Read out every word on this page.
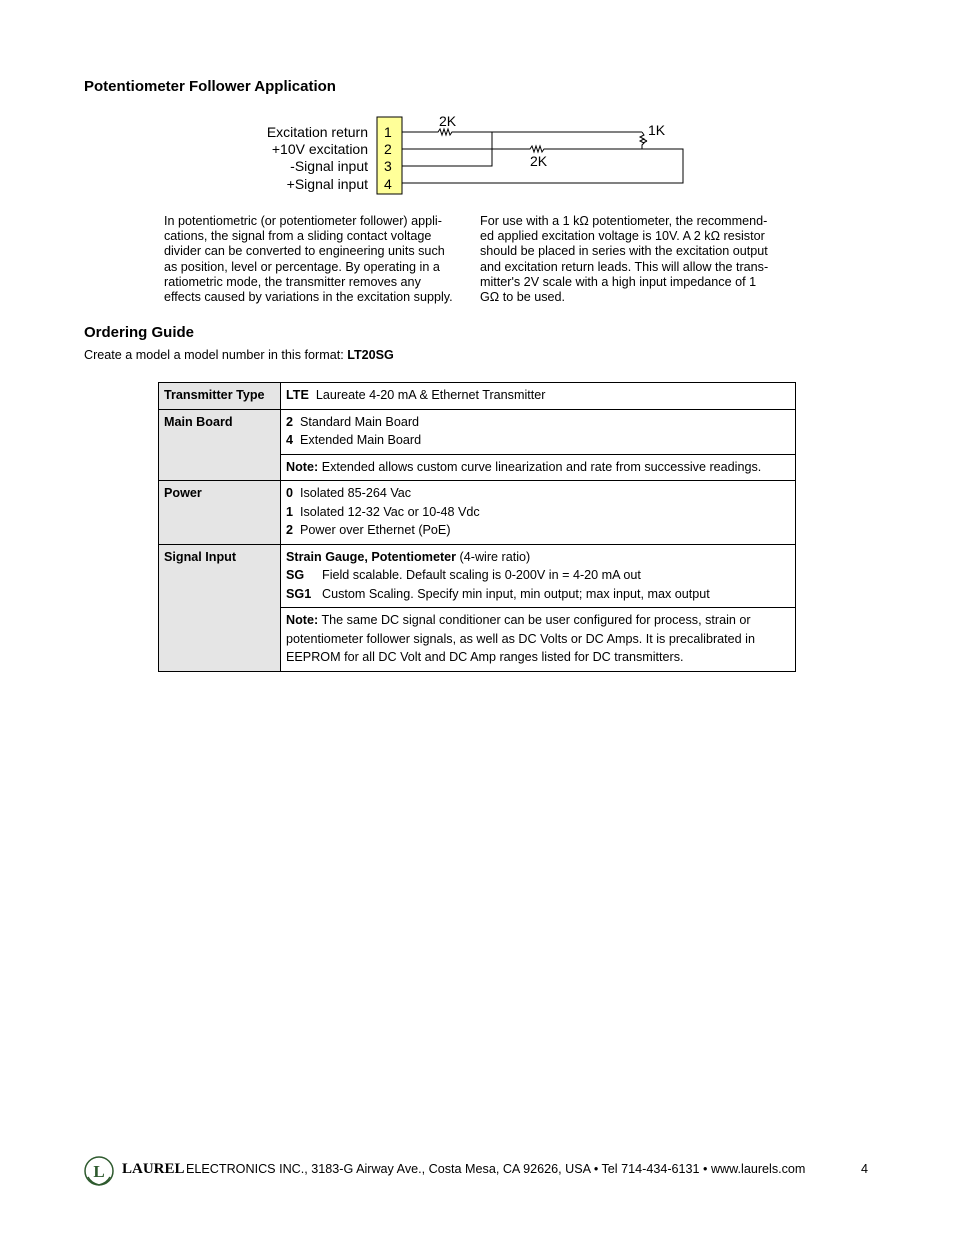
Potentiometer Follower Application
Excitation return
+10V excitation
-Signal input
+Signal input
1
2
3
4
2K
2K
1K
In potentiometric (or potentiometer follower) appli-
cations, the signal from a sliding contact voltage
divider can be converted to engineering units such
as position, level or percentage. By operating in a
ratiometric mode, the transmitter removes any
effects caused by variations in the excitation supply.
For use with a 1 kΩ potentiometer, the recommend-
ed applied excitation voltage is 10V. A 2 kΩ resistor
should be placed in series with the excitation output
and excitation return leads. This will allow the trans-
mitter's 2V scale with a high input impedance of 1
GΩ to be used.
Ordering Guide
Create a model a model number in this format: LT20SG
Transmitter Type	LTE Laureate 4-20 mA & Ethernet Transmitter
Main Board	2 Standard Main Board
4 Extended Main Board

	Note: Extended allows custom curve linearization and rate from successive readings.
Power	0 Isolated 85-264 Vac
1 Isolated 12-32 Vac or 10-48 Vdc
2 Power over Ethernet (PoE)

Signal Input	Strain Gauge, Potentiometer (4-wire ratio)
SG Field scalable. Default scaling is 0-200V in = 4-20 mA out
SG1 Custom Scaling. Specify min input, min output; max input, max output

	Note: The same DC signal conditioner can be user configured for process, strain or potentiometer follower signals, as well as DC Volts or DC Amps. It is precalibrated in EEPROM for all DC Volt and DC Amp ranges listed for DC transmitters.
L LAUREL ELECTRONICS INC., 3183-G Airway Ave., Costa Mesa, CA 92626, USA • Tel 714-434-6131 • www.laurels.com	4
